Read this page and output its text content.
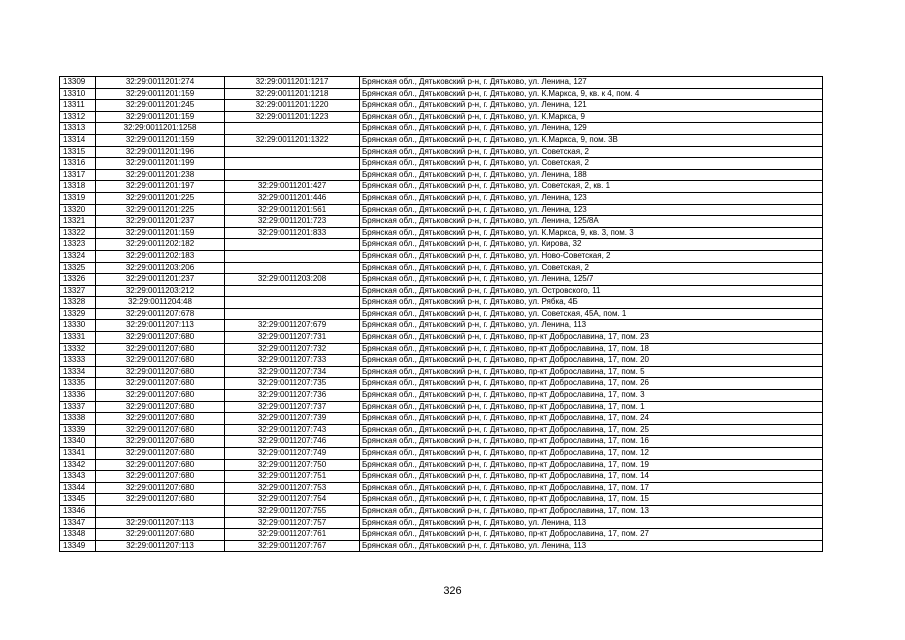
13309	32:29:0011201:274	32:29:0011201:1217	Брянская обл., Дятьковский р-н, г. Дятьково, ул. Ленина, 127
13310	32:29:0011201:159	32:29:0011201:1218	Брянская обл., Дятьковский р-н, г. Дятьково, ул. К.Маркса, 9, кв. к 4, пом. 4
13311	32:29:0011201:245	32:29:0011201:1220	Брянская обл., Дятьковский р-н, г. Дятьково, ул. Ленина, 121
13312	32:29:0011201:159	32:29:0011201:1223	Брянская обл., Дятьковский р-н, г. Дятьково, ул. К.Маркса, 9
13313	32:29:0011201:1258		Брянская обл., Дятьковский р-н, г. Дятьково, ул. Ленина, 129
13314	32:29:0011201:159	32:29:0011201:1322	Брянская обл., Дятьковский р-н, г. Дятьково, ул. К.Маркса, 9, пом. 3В
13315	32:29:0011201:196		Брянская обл., Дятьковский р-н, г. Дятьково, ул. Советская, 2
13316	32:29:0011201:199		Брянская обл., Дятьковский р-н, г. Дятьково, ул. Советская, 2
13317	32:29:0011201:238		Брянская обл., Дятьковский р-н, г. Дятьково, ул. Ленина, 188
13318	32:29:0011201:197	32:29:0011201:427	Брянская обл., Дятьковский р-н, г. Дятьково, ул. Советская, 2, кв. 1
13319	32:29:0011201:225	32:29:0011201:446	Брянская обл., Дятьковский р-н, г. Дятьково, ул. Ленина, 123
13320	32:29:0011201:225	32:29:0011201:561	Брянская обл., Дятьковский р-н, г. Дятьково, ул. Ленина, 123
13321	32:29:0011201:237	32:29:0011201:723	Брянская обл., Дятьковский р-н, г. Дятьково, ул. Ленина, 125/8А
13322	32:29:0011201:159	32:29:0011201:833	Брянская обл., Дятьковский р-н, г. Дятьково, ул. К.Маркса, 9, кв. 3, пом. 3
13323	32:29:0011202:182		Брянская обл., Дятьковский р-н, г. Дятьково, ул. Кирова, 32
13324	32:29:0011202:183		Брянская обл., Дятьковский р-н, г. Дятьково, ул. Ново-Советская, 2
13325	32:29:0011203:206		Брянская обл., Дятьковский р-н, г. Дятьково, ул. Советская, 2
13326	32:29:0011201:237	32:29:0011203:208	Брянская обл., Дятьковский р-н, г. Дятьково, ул. Ленина, 125/7
13327	32:29:0011203:212		Брянская обл., Дятьковский р-н, г. Дятьково, ул. Островского, 11
13328	32:29:0011204:48		Брянская обл., Дятьковский р-н, г. Дятьково, ул. Рябка, 4Б
13329	32:29:0011207:678		Брянская обл., Дятьковский р-н, г. Дятьково, ул. Советская, 45А, пом. 1
13330	32:29:0011207:113	32:29:0011207:679	Брянская обл., Дятьковский р-н, г. Дятьково, ул. Ленина, 113
13331	32:29:0011207:680	32:29:0011207:731	Брянская обл., Дятьковский р-н, г. Дятьково, пр-кт Доброславина, 17, пом. 23
13332	32:29:0011207:680	32:29:0011207:732	Брянская обл., Дятьковский р-н, г. Дятьково, пр-кт Доброславина, 17, пом. 18
13333	32:29:0011207:680	32:29:0011207:733	Брянская обл., Дятьковский р-н, г. Дятьково, пр-кт Доброславина, 17, пом. 20
13334	32:29:0011207:680	32:29:0011207:734	Брянская обл., Дятьковский р-н, г. Дятьково, пр-кт Доброславина, 17, пом. 5
13335	32:29:0011207:680	32:29:0011207:735	Брянская обл., Дятьковский р-н, г. Дятьково, пр-кт Доброславина, 17, пом. 26
13336	32:29:0011207:680	32:29:0011207:736	Брянская обл., Дятьковский р-н, г. Дятьково, пр-кт Доброславина, 17, пом. 3
13337	32:29:0011207:680	32:29:0011207:737	Брянская обл., Дятьковский р-н, г. Дятьково, пр-кт Доброславина, 17, пом. 1
13338	32:29:0011207:680	32:29:0011207:739	Брянская обл., Дятьковский р-н, г. Дятьково, пр-кт Доброславина, 17, пом. 24
13339	32:29:0011207:680	32:29:0011207:743	Брянская обл., Дятьковский р-н, г. Дятьково, пр-кт Доброславина, 17, пом. 25
13340	32:29:0011207:680	32:29:0011207:746	Брянская обл., Дятьковский р-н, г. Дятьково, пр-кт Доброславина, 17, пом. 16
13341	32:29:0011207:680	32:29:0011207:749	Брянская обл., Дятьковский р-н, г. Дятьково, пр-кт Доброславина, 17, пом. 12
13342	32:29:0011207:680	32:29:0011207:750	Брянская обл., Дятьковский р-н, г. Дятьково, пр-кт Доброславина, 17, пом. 19
13343	32:29:0011207:680	32:29:0011207:751	Брянская обл., Дятьковский р-н, г. Дятьково, пр-кт Доброславина, 17, пом. 14
13344	32:29:0011207:680	32:29:0011207:753	Брянская обл., Дятьковский р-н, г. Дятьково, пр-кт Доброславина, 17, пом. 17
13345	32:29:0011207:680	32:29:0011207:754	Брянская обл., Дятьковский р-н, г. Дятьково, пр-кт Доброславина, 17, пом. 15
13346		32:29:0011207:755	Брянская обл., Дятьковский р-н, г. Дятьково, пр-кт Доброславина, 17, пом. 13
13347	32:29:0011207:113	32:29:0011207:757	Брянская обл., Дятьковский р-н, г. Дятьково, ул. Ленина, 113
13348	32:29:0011207:680	32:29:0011207:761	Брянская обл., Дятьковский р-н, г. Дятьково, пр-кт Доброславина, 17, пом. 27
13349	32:29:0011207:113	32:29:0011207:767	Брянская обл., Дятьковский р-н, г. Дятьково, ул. Ленина, 113
326
